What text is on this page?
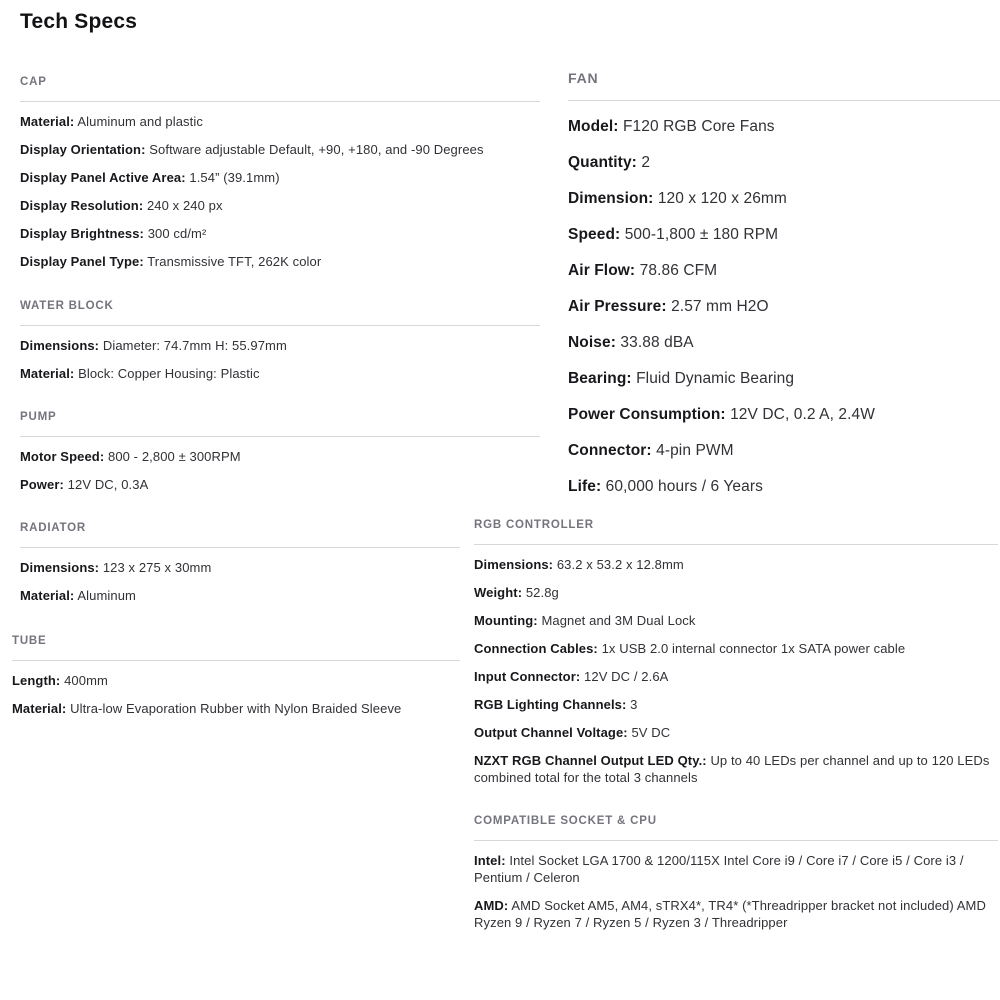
Tech Specs
CAP
Material: Aluminum and plastic
Display Orientation: Software adjustable Default, +90, +180, and -90 Degrees
Display Panel Active Area: 1.54” (39.1mm)
Display Resolution: 240 x 240 px
Display Brightness: 300 cd/m²
Display Panel Type: Transmissive TFT, 262K color
WATER BLOCK
Dimensions: Diameter: 74.7mm H: 55.97mm
Material: Block: Copper Housing: Plastic
PUMP
Motor Speed: 800 - 2,800 ± 300RPM
Power: 12V DC, 0.3A
RADIATOR
Dimensions: 123 x 275 x 30mm
Material: Aluminum
TUBE
Length: 400mm
Material: Ultra-low Evaporation Rubber with Nylon Braided Sleeve
FAN
Model: F120 RGB Core Fans
Quantity: 2
Dimension: 120 x 120 x 26mm
Speed: 500-1,800 ± 180 RPM
Air Flow: 78.86 CFM
Air Pressure: 2.57 mm H2O
Noise: 33.88 dBA
Bearing: Fluid Dynamic Bearing
Power Consumption: 12V DC, 0.2 A, 2.4W
Connector: 4-pin PWM
Life: 60,000 hours / 6 Years
RGB CONTROLLER
Dimensions: 63.2 x 53.2 x 12.8mm
Weight: 52.8g
Mounting: Magnet and 3M Dual Lock
Connection Cables: 1x USB 2.0 internal connector 1x SATA power cable
Input Connector: 12V DC / 2.6A
RGB Lighting Channels: 3
Output Channel Voltage: 5V DC
NZXT RGB Channel Output LED Qty.: Up to 40 LEDs per channel and up to 120 LEDs combined total for the total 3 channels
COMPATIBLE SOCKET & CPU
Intel: Intel Socket LGA 1700 & 1200/115X Intel Core i9 / Core i7 / Core i5 / Core i3 / Pentium / Celeron
AMD: AMD Socket AM5, AM4, sTRX4*, TR4* (*Threadripper bracket not included) AMD Ryzen 9 / Ryzen 7 / Ryzen 5 / Ryzen 3 / Threadripper
